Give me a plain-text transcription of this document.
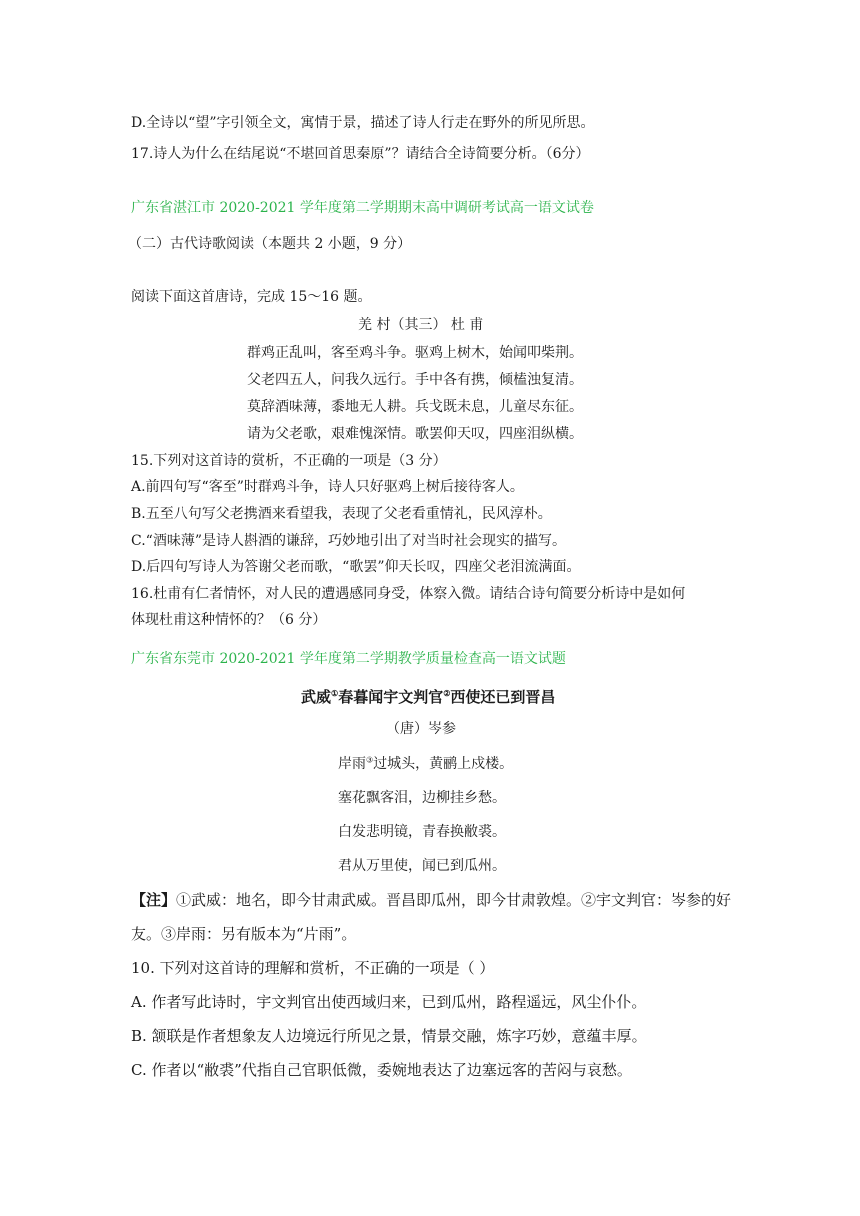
D.全诗以“望”字引领全文，寓情于景，描述了诗人行走在野外的所见所思。
17.诗人为什么在结尾说“不堪回首思秦原”？请结合全诗简要分析。（6分）
广东省湛江市 2020-2021 学年度第二学期期末高中调研考试高一语文试卷
（二）古代诗歌阅读（本题共 2 小题，9 分）
阅读下面这首唐诗，完成 15～16 题。
羌 村（其三） 杜 甫
群鸡正乱叫，客至鸡斗争。驱鸡上树木，始闻叩柴荆。
父老四五人，问我久远行。手中各有携，倾榼浊复清。
莫辞酒味薄，黍地无人耕。兵戈既未息，儿童尽东征。
请为父老歌，艰难愧深情。歌罢仰天叹，四座泪纵横。
15.下列对这首诗的赏析，不正确的一项是（3 分）
A.前四句写“客至”时群鸡斗争，诗人只好驱鸡上树后接待客人。
B.五至八句写父老携酒来看望我，表现了父老看重情礼，民风淳朴。
C.“酒味薄”是诗人斟酒的谦辞，巧妙地引出了对当时社会现实的描写。
D.后四句写诗人为答谢父老而歌，“歌罢”仰天长叹，四座父老泪流满面。
16.杜甫有仁者情怀，对人民的遭遇感同身受，体察入微。请结合诗句简要分析诗中是如何
体现杜甫这种情怀的？（6 分）
广东省东莞市 2020-2021 学年度第二学期教学质量检查高一语文试题
武威①春暮闻宇文判官②西使还已到晋昌
（唐）岑参
岸雨③过城头，黄鹂上戍楼。
塞花飘客泪，边柳挂乡愁。
白发悲明镜，青春换敝裘。
君从万里使，闻已到瓜州。
【注】①武威：地名，即今甘肃武威。晋昌即瓜州，即今甘肃敦煌。②宇文判官：岑参的好
友。③岸雨：另有版本为“片雨”。
10. 下列对这首诗的理解和赏析，不正确的一项是（ ）
A. 作者写此诗时，宇文判官出使西域归来，已到瓜州，路程遥远，风尘仆仆。
B. 颔联是作者想象友人边境远行所见之景，情景交融，炼字巧妙，意蕴丰厚。
C. 作者以“敝裘”代指自己官职低微，委婉地表达了边塞远客的苦闷与哀愁。
